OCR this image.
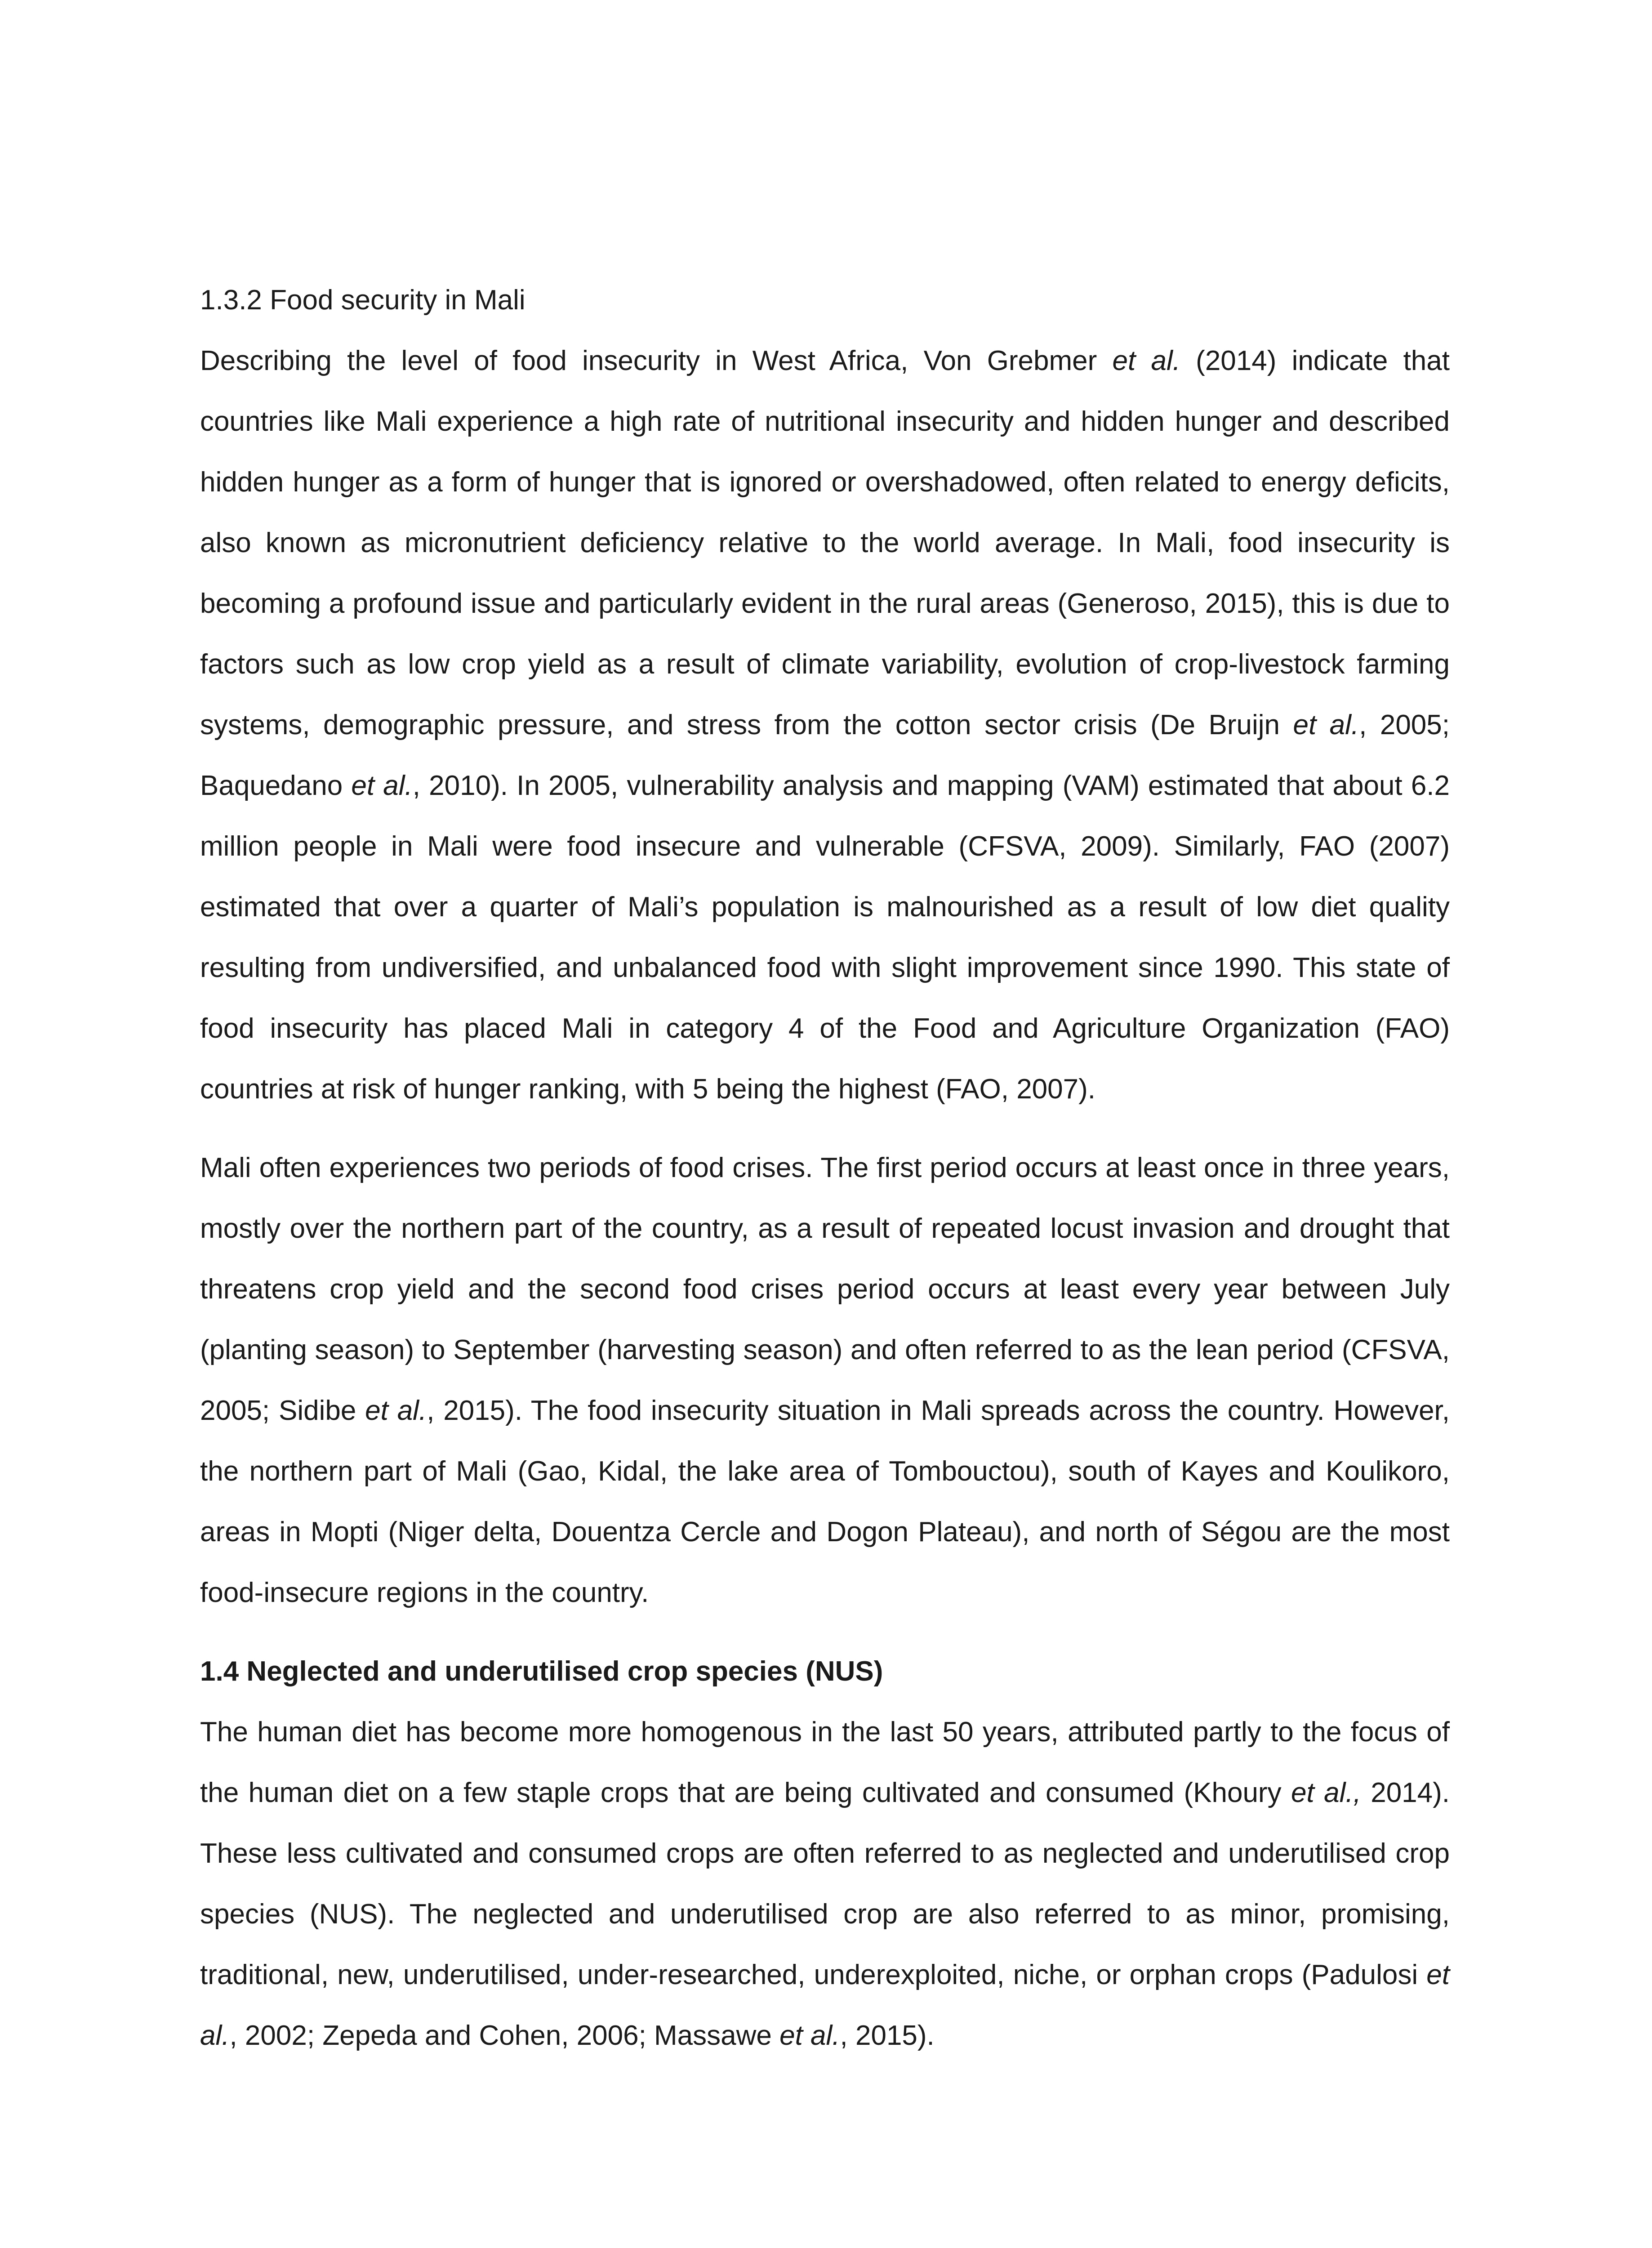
1.3.2 Food security in Mali

Describing the level of food insecurity in West Africa, Von Grebmer et al. (2014) indicate that countries like Mali experience a high rate of nutritional insecurity and hidden hunger and described hidden hunger as a form of hunger that is ignored or overshadowed, often related to energy deficits, also known as micronutrient deficiency relative to the world average. In Mali, food insecurity is becoming a profound issue and particularly evident in the rural areas (Generoso, 2015), this is due to factors such as low crop yield as a result of climate variability, evolution of crop-livestock farming systems, demographic pressure, and stress from the cotton sector crisis (De Bruijn et al., 2005; Baquedano et al., 2010). In 2005, vulnerability analysis and mapping (VAM) estimated that about 6.2 million people in Mali were food insecure and vulnerable (CFSVA, 2009). Similarly, FAO (2007) estimated that over a quarter of Mali’s population is malnourished as a result of low diet quality resulting from undiversified, and unbalanced food with slight improvement since 1990. This state of food insecurity has placed Mali in category 4 of the Food and Agriculture Organization (FAO) countries at risk of hunger ranking, with 5 being the highest (FAO, 2007).

Mali often experiences two periods of food crises. The first period occurs at least once in three years, mostly over the northern part of the country, as a result of repeated locust invasion and drought that threatens crop yield and the second food crises period occurs at least every year between July (planting season) to September (harvesting season) and often referred to as the lean period (CFSVA, 2005; Sidibe et al., 2015). The food insecurity situation in Mali spreads across the country. However, the northern part of Mali (Gao, Kidal, the lake area of Tombouctou), south of Kayes and Koulikoro, areas in Mopti (Niger delta, Douentza Cercle and Dogon Plateau), and north of Ségou are the most food-insecure regions in the country.

1.4 Neglected and underutilised crop species (NUS)

The human diet has become more homogenous in the last 50 years, attributed partly to the focus of the human diet on a few staple crops that are being cultivated and consumed (Khoury et al., 2014). These less cultivated and consumed crops are often referred to as neglected and underutilised crop species (NUS). The neglected and underutilised crop are also referred to as minor, promising, traditional, new, underutilised, under-researched, underexploited, niche, or orphan crops (Padulosi et al., 2002; Zepeda and Cohen, 2006; Massawe et al., 2015).
